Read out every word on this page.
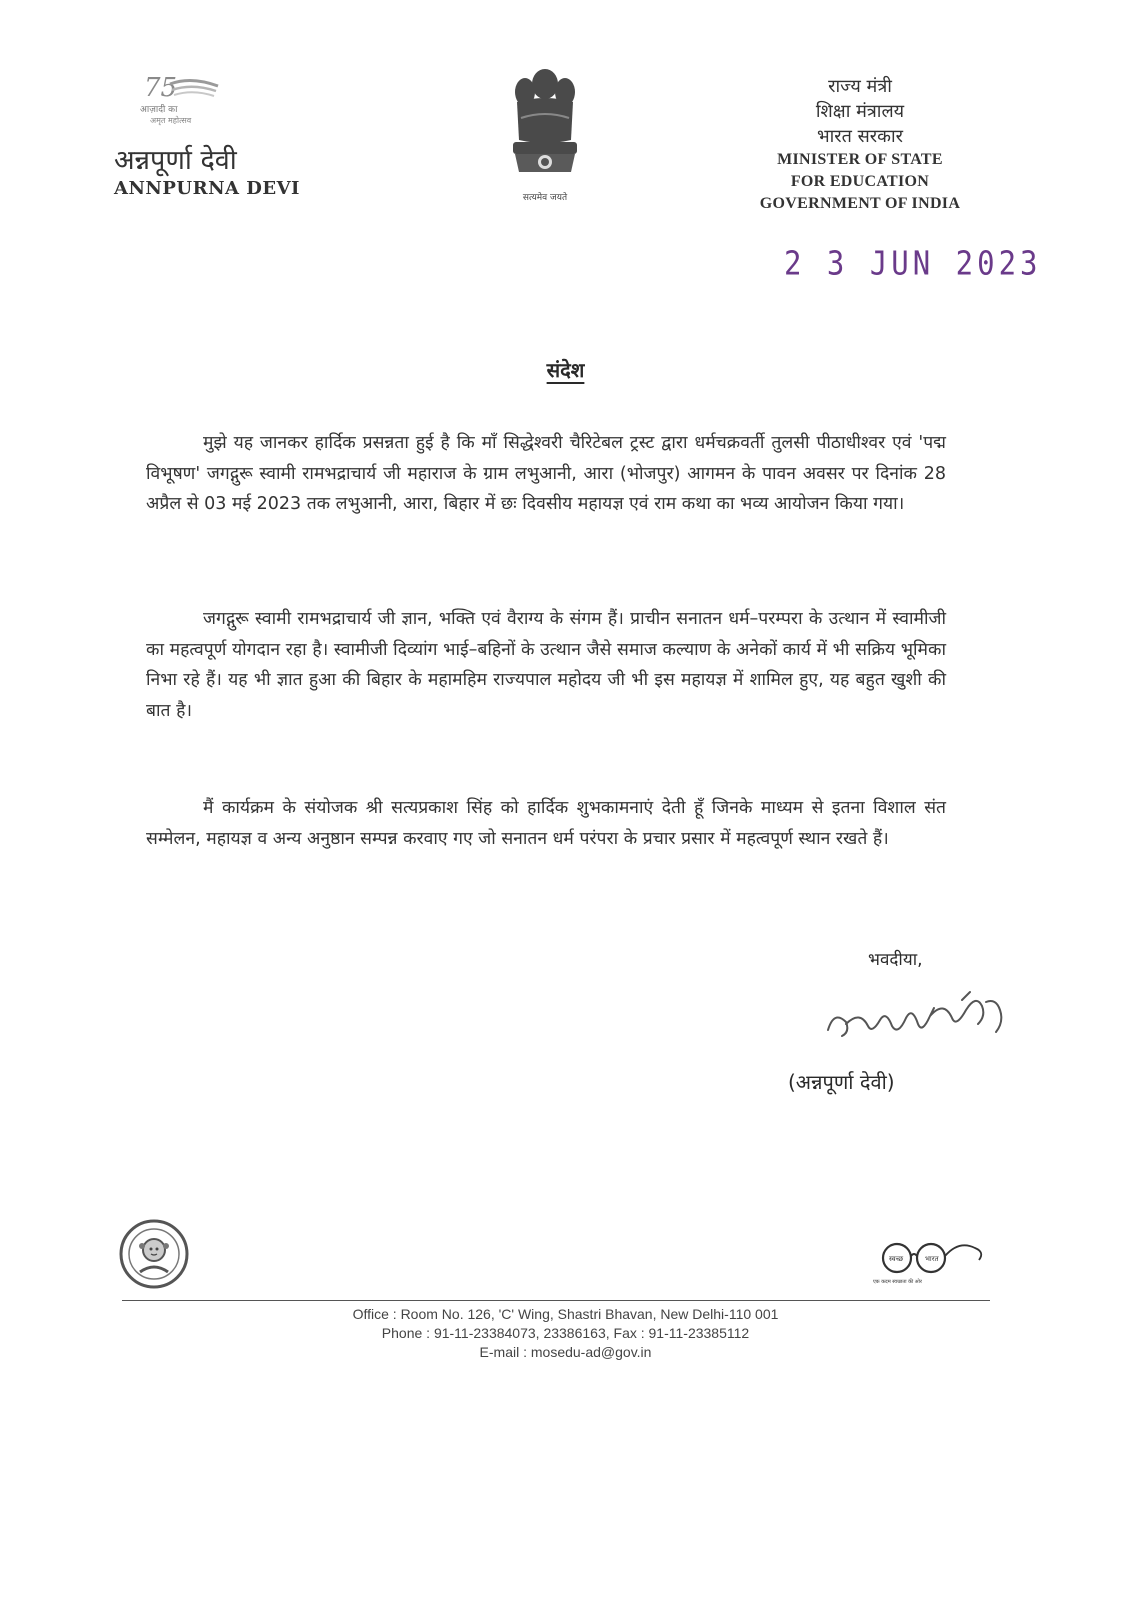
75
आज़ादी का
अमृत महोत्सव
अन्नपूर्णा देवी
ANNPURNA DEVI	सत्यमेव जयते
राज्य मंत्री
शिक्षा मंत्रालय
भारत सरकार
MINISTER OF STATE
FOR EDUCATION
GOVERNMENT OF INDIA
2 3 JUN 2023
संदेश
मुझे यह जानकर हार्दिक प्रसन्नता हुई है कि माँ सिद्धेश्वरी चैरिटेबल ट्रस्ट द्वारा धर्मचक्रवर्ती तुलसी पीठाधीश्वर एवं 'पद्म विभूषण' जगद्गुरू स्वामी रामभद्राचार्य जी महाराज के ग्राम लभुआनी, आरा (भोजपुर) आगमन के पावन अवसर पर दिनांक 28 अप्रैल से 03 मई 2023 तक लभुआनी, आरा, बिहार में छः दिवसीय महायज्ञ एवं राम कथा का भव्य आयोजन किया गया।
जगद्गुरू स्वामी रामभद्राचार्य जी ज्ञान, भक्ति एवं वैराग्य के संगम हैं। प्राचीन सनातन धर्म–परम्परा के उत्थान में स्वामीजी का महत्वपूर्ण योगदान रहा है। स्वामीजी दिव्यांग भाई–बहिनों के उत्थान जैसे समाज कल्याण के अनेकों कार्य में भी सक्रिय भूमिका निभा रहे हैं। यह भी ज्ञात हुआ की बिहार के महामहिम राज्यपाल महोदय जी भी इस महायज्ञ में शामिल हुए, यह बहुत खुशी की बात है।
मैं कार्यक्रम के संयोजक श्री सत्यप्रकाश सिंह को हार्दिक शुभकामनाएं देती हूँ जिनके माध्यम से इतना विशाल संत सम्मेलन, महायज्ञ व अन्य अनुष्ठान सम्पन्न करवाए गए जो सनातन धर्म परंपरा के प्रचार प्रसार में महत्वपूर्ण स्थान रखते हैं।
भवदीया,
(अन्नपूर्णा देवी)
स्वच्छ	भारत
एक कदम स्वच्छता की ओर
Office : Room No. 126, 'C' Wing, Shastri Bhavan, New Delhi-110 001
Phone : 91-11-23384073, 23386163, Fax : 91-11-23385112
E-mail : mosedu-ad@gov.in
